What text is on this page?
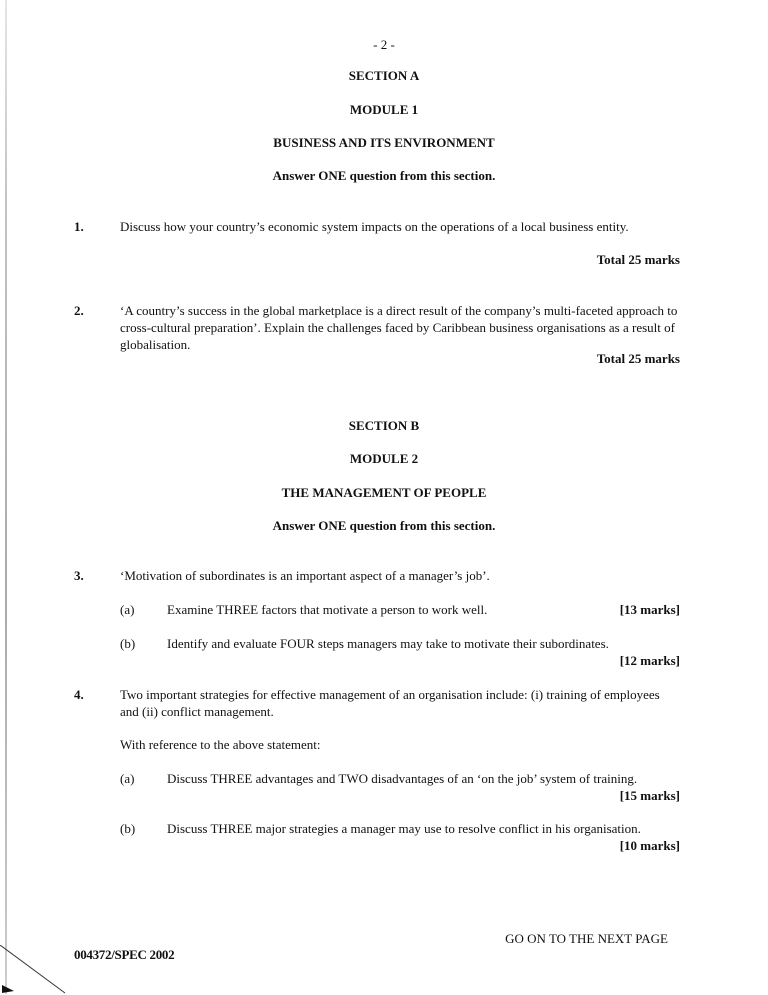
- 2 -
SECTION A
MODULE 1
BUSINESS AND ITS ENVIRONMENT
Answer ONE question from this section.
1.	Discuss how your country’s economic system impacts on the operations of a local business entity.
Total 25 marks
2.	‘A country’s success in the global marketplace is a direct result of the company’s multi-faceted approach to cross-cultural preparation’. Explain the challenges faced by Caribbean business organisations as a result of globalisation.
Total 25 marks
SECTION B
MODULE 2
THE MANAGEMENT OF PEOPLE
Answer ONE question from this section.
3.	‘Motivation of subordinates is an important aspect of a manager’s job’.
(a)	Examine THREE factors that motivate a person to work well.	[13 marks]
(b) Identify and evaluate FOUR steps managers may take to motivate their subordinates.
[12 marks]
4.	Two important strategies for effective management of an organisation include: (i) training of employees and (ii) conflict management.
With reference to the above statement:
(a)	Discuss THREE advantages and TWO disadvantages of an ‘on the job’ system of training.
[15 marks]
(b) Discuss THREE major strategies a manager may use to resolve conflict in his organisation.
[10 marks]
GO ON TO THE NEXT PAGE
004372/SPEC 2002
